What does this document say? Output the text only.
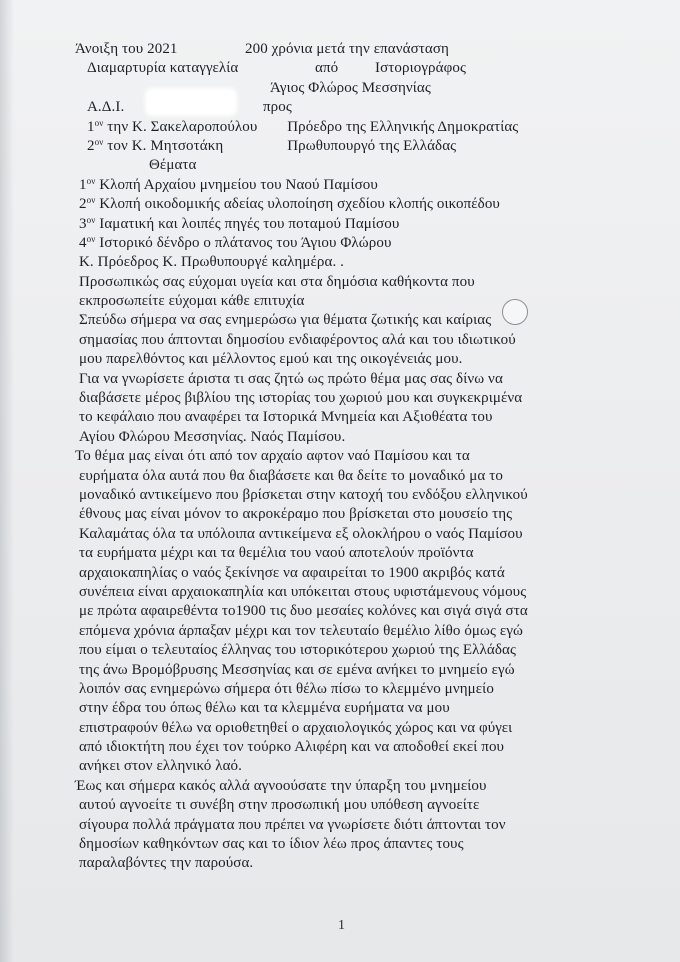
Άνοιξη του 2021	200 χρόνια μετά την επανάσταση
Διαμαρτυρία καταγγελία	από Ιστοριογράφος
Άγιος Φλώρος Μεσσηνίας
Α.Δ.Ι.	προς
$1^{o\nu}$ την Κ. Σακελαροπούλου Πρόεδρο της Ελληνικής Δημοκρατίας
$2^{o\nu}$ τον Κ. Μητσοτάκη	Πρωθυπουργό της Ελλάδας
Θέματα
$1^{o\nu}$ Κλοπή Αρχαίου μνημείου του Ναού Παμίσου
$2^{o\nu}$ Κλοπή οικοδομικής αδείας υλοποίηση σχεδίου κλοπής οικοπέδου
$3^{o\nu}$ Ιαματική και λοιπές πηγές του ποταμού Παμίσου
$4^{o\nu}$ Ιστορικό δένδρο ο πλάτανος του Άγιου Φλώρου
Κ. Πρόεδρος Κ. Πρωθυπουργέ καλημέρα. .
Προσωπικώς σας εύχομαι υγεία και στα δημόσια καθήκοντα που
εκπροσωπείτε εύχομαι κάθε επιτυχία
Σπεύδω σήμερα να σας ενημερώσω για θέματα ζωτικής και καίριας
σημασίας που άπτονται δημοσίου ενδιαφέροντος αλά και του ιδιωτικού
μου παρελθόντος και μέλλοντος εμού και της οικογένειάς μου.
Για να γνωρίσετε άριστα τι σας ζητώ ως πρώτο θέμα μας σας δίνω να
διαβάσετε μέρος βιβλίου της ιστορίας του χωριού μου και συγκεκριμένα
το κεφάλαιο που αναφέρει τα Ιστορικά Μνημεία και Αξιοθέατα του
Αγίου Φλώρου Μεσσηνίας. Ναός Παμίσου.
Το θέμα μας είναι ότι από τον αρχαίο αφτον ναό Παμίσου και τα
ευρήματα όλα αυτά που θα διαβάσετε και θα δείτε το μοναδικό μα το
μοναδικό αντικείμενο που βρίσκεται στην κατοχή του ενδόξου ελληνικού
έθνους μας είναι μόνον το ακροκέραμο που βρίσκεται στο μουσείο της
Καλαμάτας όλα τα υπόλοιπα αντικείμενα εξ ολοκλήρου ο ναός Παμίσου
τα ευρήματα μέχρι και τα θεμέλια του ναού αποτελούν προϊόντα
αρχαιοκαπηλίας ο ναός ξεκίνησε να αφαιρείται το 1900 ακριβός κατά
συνέπεια είναι αρχαιοκαπηλία και υπόκειται στους υφιστάμενους νόμους
με πρώτα αφαιρεθέντα το1900 τις δυο μεσαίες κολόνες και σιγά σιγά στα
επόμενα χρόνια άρπαξαν μέχρι και τον τελευταίο θεμέλιο λίθο όμως εγώ
που είμαι ο τελευταίος έλληνας του ιστορικότερου χωριού της Ελλάδας
της άνω Βρομόβρυσης Μεσσηνίας και σε εμένα ανήκει το μνημείο εγώ
λοιπόν σας ενημερώνω σήμερα ότι θέλω πίσω το κλεμμένο μνημείο
στην έδρα του όπως θέλω και τα κλεμμένα ευρήματα να μου
επιστραφούν θέλω να οριοθετηθεί ο αρχαιολογικός χώρος και να φύγει
από ιδιοκτήτη που έχει τον τούρκο Αλιφέρη και να αποδοθεί εκεί που
ανήκει στον ελληνικό λαό.
Έως και σήμερα κακός αλλά αγνοούσατε την ύπαρξη του μνημείου
αυτού αγνοείτε τι συνέβη στην προσωπική μου υπόθεση αγνοείτε
σίγουρα πολλά πράγματα που πρέπει να γνωρίσετε διότι άπτονται τον
δημοσίων καθηκόντων σας και το ίδιον λέω προς άπαντες τους
παραλαβόντες την παρούσα.
1
